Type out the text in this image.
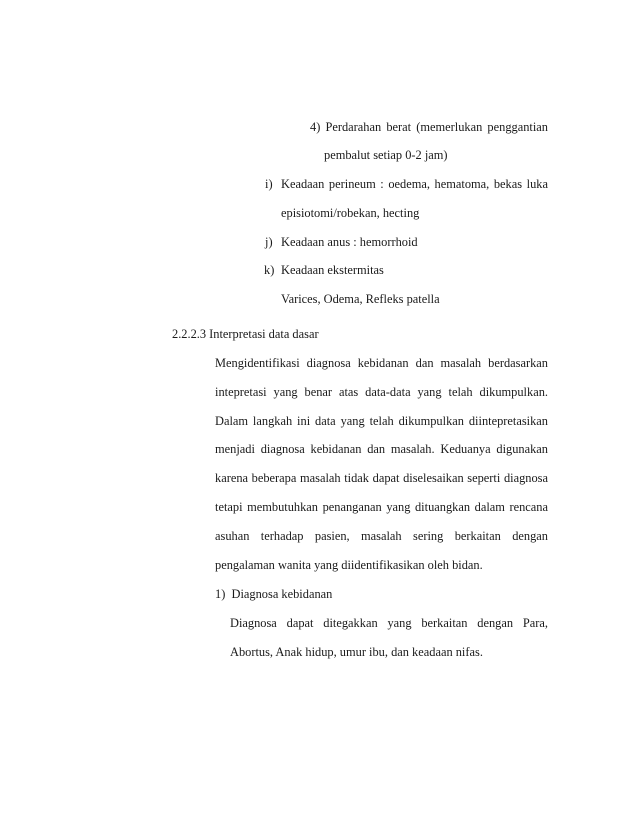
4) Perdarahan berat (memerlukan penggantian
pembalut setiap 0-2 jam)
i) Keadaan perineum : oedema, hematoma, bekas luka
episiotomi/robekan, hecting
j) Keadaan anus : hemorrhoid
k) Keadaan ekstermitas
Varices, Odema, Refleks patella
2.2.2.3 Interpretasi data dasar
Mengidentifikasi diagnosa kebidanan dan masalah berdasarkan
intepretasi yang benar atas data-data yang telah dikumpulkan.
Dalam langkah ini data yang telah dikumpulkan diintepretasikan
menjadi diagnosa kebidanan dan masalah. Keduanya digunakan
karena beberapa masalah tidak dapat diselesaikan seperti diagnosa
tetapi membutuhkan penanganan yang dituangkan dalam rencana
asuhan terhadap pasien, masalah sering berkaitan dengan
pengalaman wanita yang diidentifikasikan oleh bidan.
1)  Diagnosa kebidanan
Diagnosa dapat ditegakkan yang berkaitan dengan Para,
Abortus, Anak hidup, umur ibu, dan keadaan nifas.
